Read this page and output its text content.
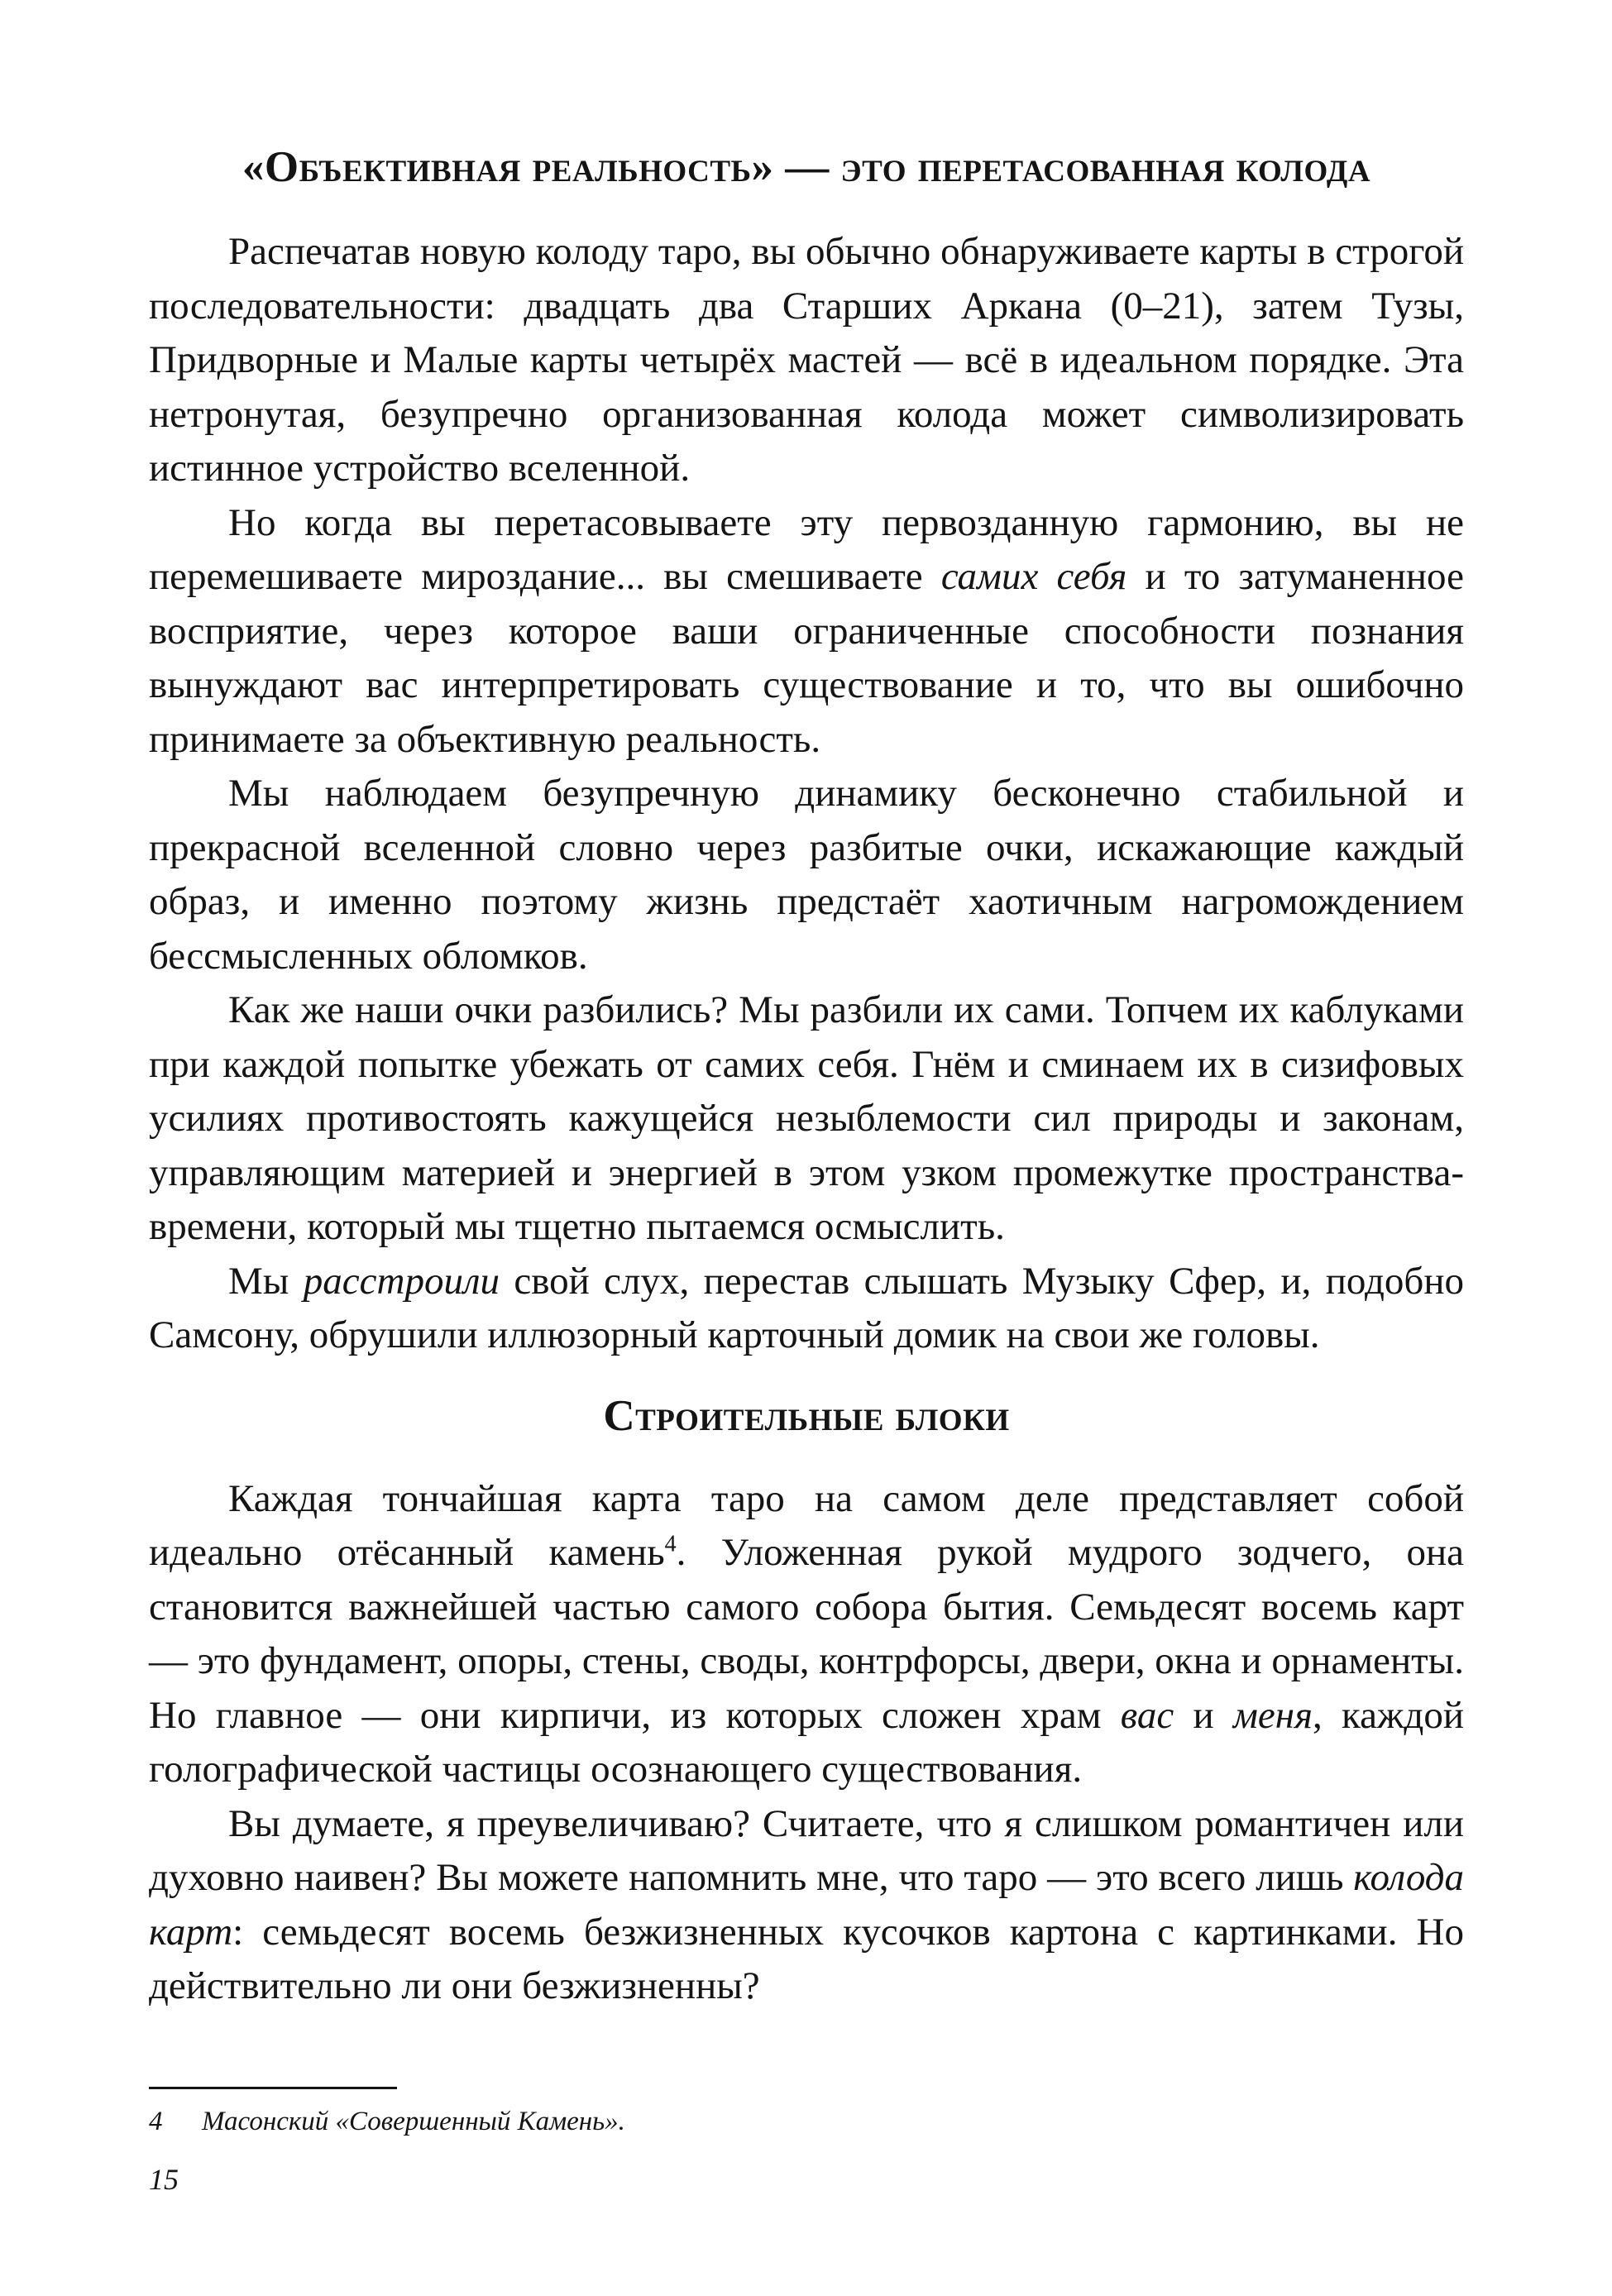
«Объективная реальность» — это перетасованная колода

Распечатав новую колоду таро, вы обычно обнаруживаете карты в строгой последовательности: двадцать два Старших Аркана (0–21), затем Тузы, Придворные и Малые карты четырёх мастей — всё в идеальном порядке. Эта нетронутая, безупречно организованная колода может символизировать истинное устройство вселенной.

Но когда вы перетасовываете эту первозданную гармонию, вы не перемешиваете мироздание... вы смешиваете самих себя и то затуманенное восприятие, через которое ваши ограниченные способности познания вынуждают вас интерпретировать существование и то, что вы ошибочно принимаете за объективную реальность.

Мы наблюдаем безупречную динамику бесконечно стабильной и прекрасной вселенной словно через разбитые очки, искажающие каждый образ, и именно поэтому жизнь предстаёт хаотичным нагромождением бессмысленных обломков.

Как же наши очки разбились? Мы разбили их сами. Топчем их каблуками при каждой попытке убежать от самих себя. Гнём и сминаем их в сизифовых усилиях противостоять кажущейся незыблемости сил природы и законам, управляющим материей и энергией в этом узком промежутке пространства-времени, который мы тщетно пытаемся осмыслить.

Мы расстроили свой слух, перестав слышать Музыку Сфер, и, подобно Самсону, обрушили иллюзорный карточный домик на свои же головы.

Строительные блоки

Каждая тончайшая карта таро на самом деле представляет собой идеально отёсанный камень$^4$. Уложенная рукой мудрого зодчего, она становится важнейшей частью самого собора бытия. Семьдесят восемь карт — это фундамент, опоры, стены, своды, контрфорсы, двери, окна и орнаменты. Но главное — они кирпичи, из которых сложен храм вас и меня, каждой голографической частицы осознающего существования.

Вы думаете, я преувеличиваю? Считаете, что я слишком романтичен или духовно наивен? Вы можете напомнить мне, что таро — это всего лишь колода карт: семьдесят восемь безжизненных кусочков картона с картинками. Но действительно ли они безжизненны?

4 Масонский «Совершенный Камень».
15
